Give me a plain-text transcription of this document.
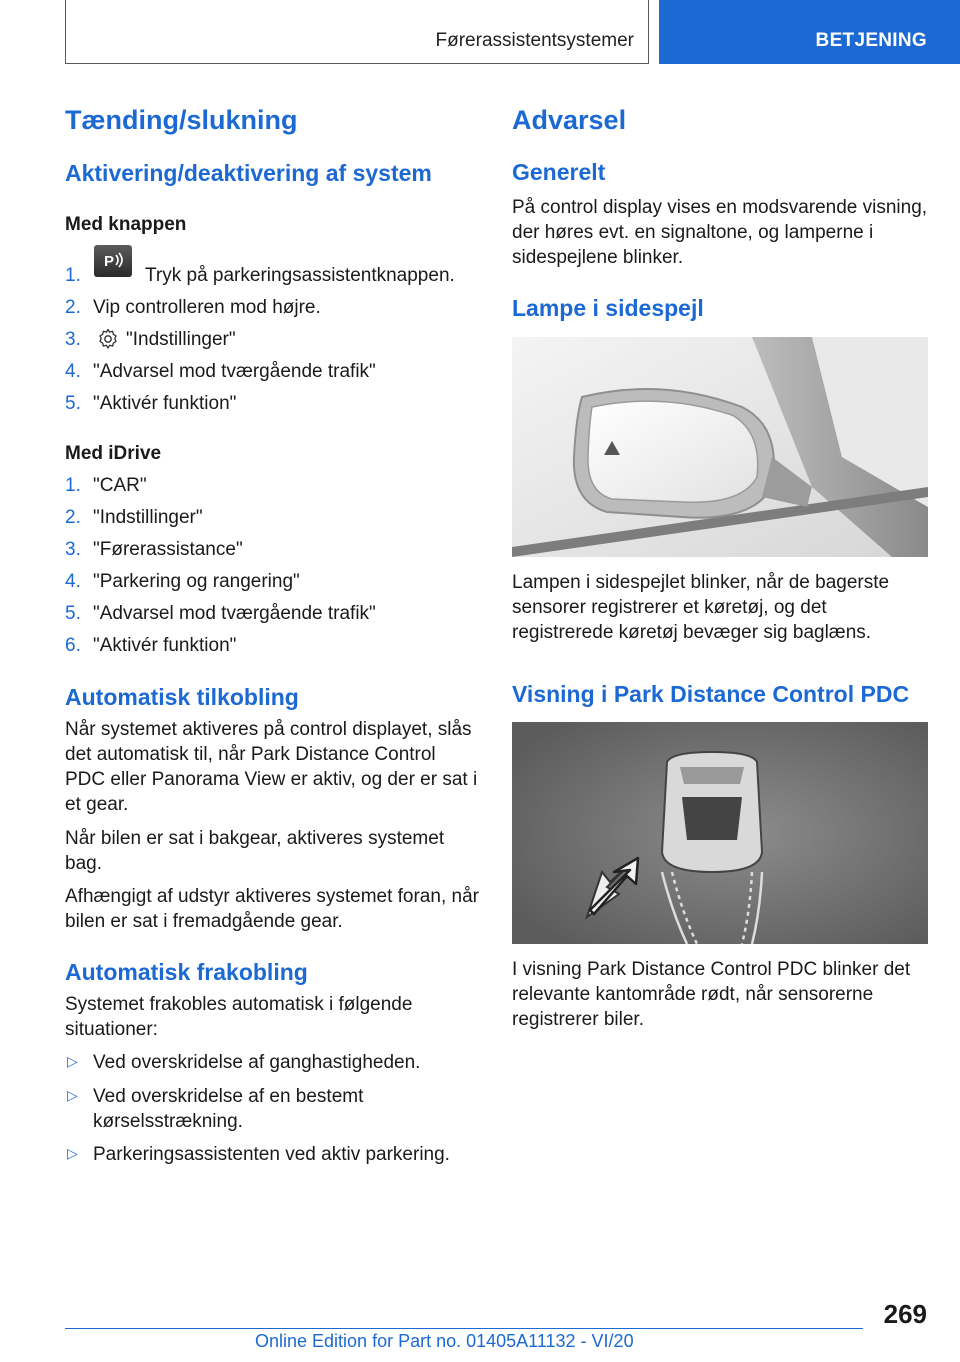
Førerassistentsystemer	BETJENING
Tænding/slukning
Aktivering/deaktivering af system
Med knappen
1.
P
Tryk på parkeringsassistentknappen.
2. Vip controlleren mod højre.
3. "Indstillinger"
4. "Advarsel mod tværgående trafik"
5. "Aktivér funktion"
Med iDrive
1. "CAR"
2. "Indstillinger"
3. "Førerassistance"
4. "Parkering og rangering"
5. "Advarsel mod tværgående trafik"
6. "Aktivér funktion"
Automatisk tilkobling
Når systemet aktiveres på control displayet, slås det automatisk til, når Park Distance Control PDC eller Panorama View er aktiv, og der er sat i et gear.
Når bilen er sat i bakgear, aktiveres systemet bag.
Afhængigt af udstyr aktiveres systemet foran, når bilen er sat i fremadgående gear.
Automatisk frakobling
Systemet frakobles automatisk i følgende situationer:
▷ Ved overskridelse af ganghastigheden.
▷ Ved overskridelse af en bestemt kørselsstrækning.
▷ Parkeringsassistenten ved aktiv parkering.
Advarsel
Generelt
På control display vises en modsvarende visning, der høres evt. en signaltone, og lamperne i sidespejlene blinker.
Lampe i sidespejl
Lampen i sidespejlet blinker, når de bagerste sensorer registrerer et køretøj, og det registrerede køretøj bevæger sig baglæns.
Visning i Park Distance Control PDC
I visning Park Distance Control PDC blinker det relevante kantområde rødt, når sensorerne registrerer biler.
269
Online Edition for Part no. 01405A11132 - VI/20
